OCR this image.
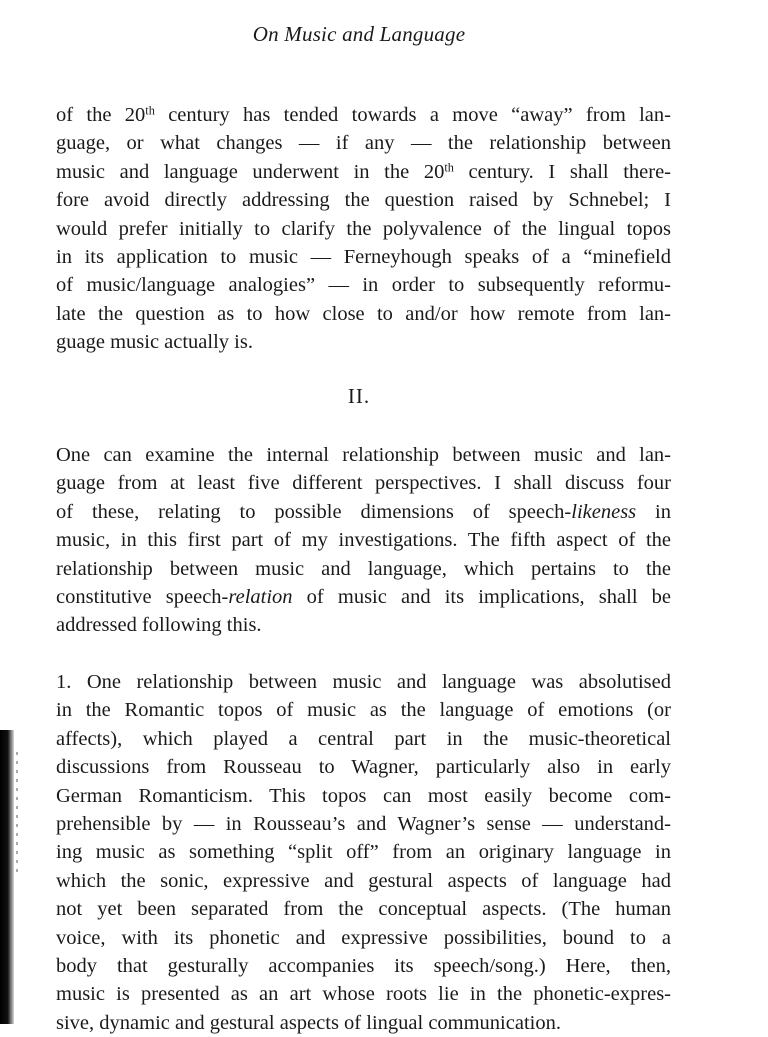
On Music and Language
of the 20th century has tended towards a move “away” from lan-
guage, or what changes — if any — the relationship between
music and language underwent in the 20th century. I shall there-
fore avoid directly addressing the question raised by Schnebel; I
would prefer initially to clarify the polyvalence of the lingual topos
in its application to music — Ferneyhough speaks of a “minefield
of music/language analogies” — in order to subsequently reformu-
late the question as to how close to and/or how remote from lan-
guage music actually is.
II.
One can examine the internal relationship between music and lan-
guage from at least five different perspectives. I shall discuss four
of these, relating to possible dimensions of speech-likeness in
music, in this first part of my investigations. The fifth aspect of the
relationship between music and language, which pertains to the
constitutive speech-relation of music and its implications, shall be
addressed following this.
1. One relationship between music and language was absolutised
in the Romantic topos of music as the language of emotions (or
affects), which played a central part in the music-theoretical
discussions from Rousseau to Wagner, particularly also in early
German Romanticism. This topos can most easily become com-
prehensible by — in Rousseau’s and Wagner’s sense — understand-
ing music as something “split off” from an originary language in
which the sonic, expressive and gestural aspects of language had
not yet been separated from the conceptual aspects. (The human
voice, with its phonetic and expressive possibilities, bound to a
body that gesturally accompanies its speech/song.) Here, then,
music is presented as an art whose roots lie in the phonetic-expres-
sive, dynamic and gestural aspects of lingual communication.
